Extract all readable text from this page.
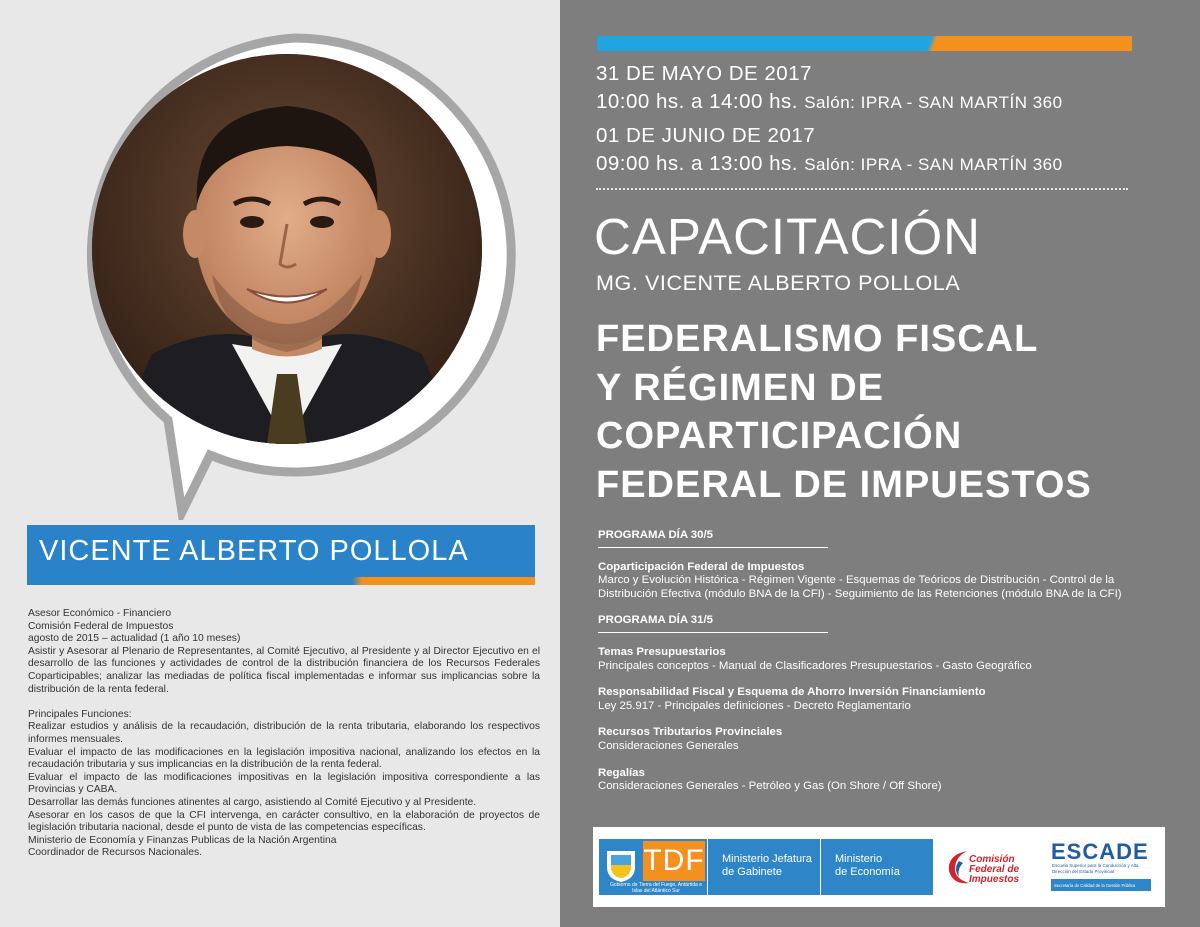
VICENTE ALBERTO POLLOLA

Asesor Económico - Financiero

Comisión Federal de Impuestos

agosto de 2015 – actualidad (1 año 10 meses)

Asistir y Asesorar al Plenario de Representantes, al Comité Ejecutivo, al Presidente y al Director Ejecutivo en el desarrollo de las funciones y actividades de control de la distribución financiera de los Recursos Federales Coparticipables; analizar las mediadas de política fiscal implementadas e informar sus implicancias sobre la distribución de la renta federal.

Principales Funciones:

Realizar estudios y análisis de la recaudación, distribución de la renta tributaria, elaborando los respectivos informes mensuales.

Evaluar el impacto de las modificaciones en la legislación impositiva nacional, analizando los efectos en la recaudación tributaria y sus implicancias en la distribución de la renta federal.

Evaluar el impacto de las modificaciones impositivas en la legislación impositiva correspondiente a las Provincias y CABA.

Desarrollar las demás funciones atinentes al cargo, asistiendo al Comité Ejecutivo y al Presidente.

Asesorar en los casos de que la CFI intervenga, en carácter consultivo, en la elaboración de proyectos de legislación tributaria nacional, desde el punto de vista de las competencias específicas.

Ministerio de Economía y Finanzas Publicas de la Nación Argentina

Coordinador de Recursos Nacionales.

31 DE MAYO DE 2017
10:00 hs. a 14:00 hs. Salón: IPRA - SAN MARTÍN 360
01 DE JUNIO DE 2017
09:00 hs. a 13:00 hs. Salón: IPRA - SAN MARTÍN 360
CAPACITACIÓN
MG. VICENTE ALBERTO POLLOLA
FEDERALISMO FISCAL
Y RÉGIMEN DE
COPARTICIPACIÓN
FEDERAL DE IMPUESTOS
PROGRAMA DÍA 30/5
Coparticipación Federal de Impuestos
Marco y Evolución Histórica - Régimen Vigente - Esquemas de Teóricos de Distribución - Control de la Distribución Efectiva (módulo BNA de la CFI) - Seguimiento de las Retenciones (módulo BNA de la CFI)
PROGRAMA DÍA 31/5
Temas Presupuestarios
Principales conceptos - Manual de Clasificadores Presupuestarios - Gasto Geográfico
Responsabilidad Fiscal y Esquema de Ahorro Inversión Financiamiento
Ley 25.917 - Principales definiciones - Decreto Reglamentario
Recursos Tributarios Provinciales
Consideraciones Generales
Regalías
Consideraciones Generales - Petróleo y Gas (On Shore / Off Shore)
TDF
Gobierno de Tierra del Fuego, Antártida e Islas del Atlántico Sur
Ministerio Jefatura de Gabinete
Ministerio
de Economía
Comisión
Federal de
Impuestos
ESCADE
Escuela Superior para la Conducción y Alta Dirección del Estado Provincial
Secretaría de Calidad de la Gestión Pública
